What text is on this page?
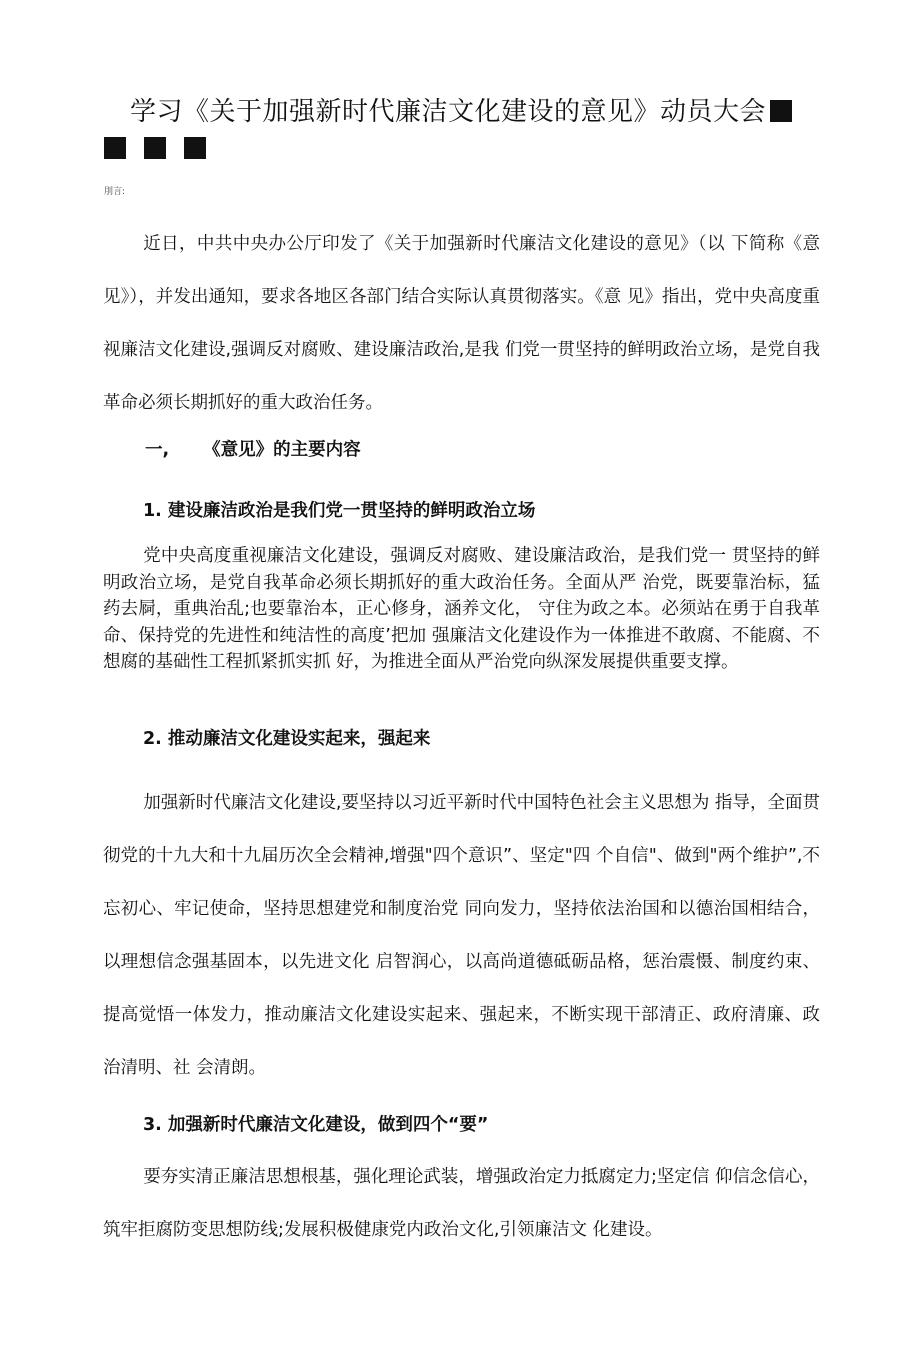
学习《关于加强新时代廉洁文化建设的意见》动员大会
刖言:
近日，中共中央办公厅印发了《关于加强新时代廉洁文化建设的意见》（以 下简称《意见》），并发出通知，要求各地区各部门结合实际认真贯彻落实。《意 见》指出，党中央高度重视廉洁文化建设,强调反对腐败、建设廉洁政治,是我 们党一贯坚持的鲜明政治立场，是党自我革命必须长期抓好的重大政治任务。
一, 《意见》的主要内容
1. 建设廉洁政治是我们党一贯坚持的鲜明政治立场
党中央高度重视廉洁文化建设，强调反对腐败、建设廉洁政治，是我们党一 贯坚持的鲜明政治立场，是党自我革命必须长期抓好的重大政治任务。全面从严 治党，既要靠治标，猛药去屙，重典治乱;也要靠治本，正心修身，涵养文化， 守住为政之本。必须站在勇于自我革命、保持党的先进性和纯洁性的高度’把加 强廉洁文化建设作为一体推进不敢腐、不能腐、不想腐的基础性工程抓紧抓实抓 好，为推进全面从严治党向纵深发展提供重要支撑。
2. 推动廉洁文化建设实起来，强起来
加强新时代廉洁文化建设,要坚持以习近平新时代中国特色社会主义思想为 指导，全面贯彻党的十九大和十九届历次全会精神,增强"四个意识”、坚定"四 个自信"、做到"两个维护”,不忘初心、牢记使命，坚持思想建党和制度治党 同向发力，坚持依法治国和以德治国相结合，以理想信念强基固本，以先进文化 启智润心，以高尚道德砥砺品格，惩治震慑、制度约束、提高觉悟一体发力，推动廉洁文化建设实起来、强起来，不断实现干部清正、政府清廉、政治清明、社 会清朗。
3. 加强新时代廉洁文化建设，做到四个“要”
要夯实清正廉洁思想根基，强化理论武装，增强政治定力抵腐定力;坚定信 仰信念信心，筑牢拒腐防变思想防线;发展积极健康党内政治文化,引领廉洁文 化建设。
